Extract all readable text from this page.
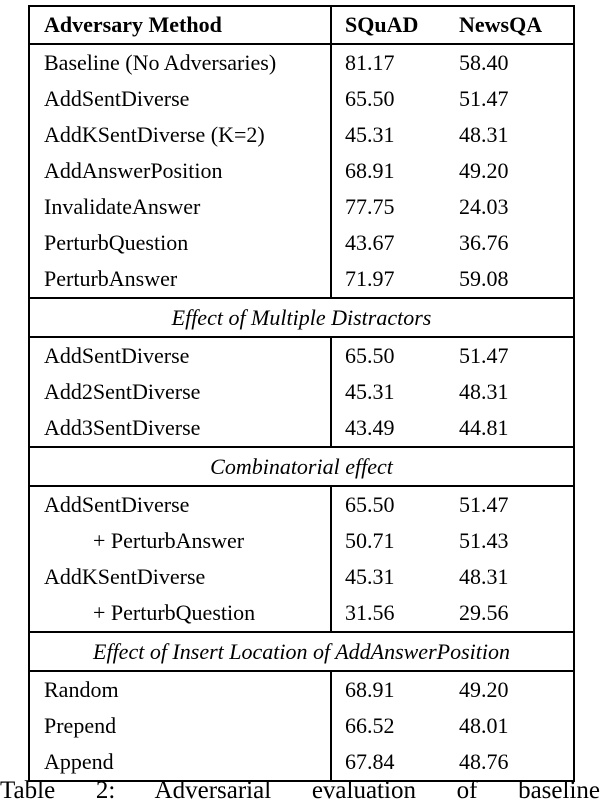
Adversary Method	SQuAD	NewsQA
Baseline (No Adversaries)	81.17	58.40
AddSentDiverse	65.50	51.47
AddKSentDiverse (K=2)	45.31	48.31
AddAnswerPosition	68.91	49.20
InvalidateAnswer	77.75	24.03
PerturbQuestion	43.67	36.76
PerturbAnswer	71.97	59.08
Effect of Multiple Distractors		
AddSentDiverse	65.50	51.47
Add2SentDiverse	45.31	48.31
Add3SentDiverse	43.49	44.81
Combinatorial effect		
AddSentDiverse	65.50	51.47
+ PerturbAnswer	50.71	51.43
AddKSentDiverse	45.31	48.31
+ PerturbQuestion	31.56	29.56
Effect of Insert Location of AddAnswerPosition		
Random	68.91	49.20
Prepend	66.52	48.01
Append	67.84	48.76
Table 2: Adversarial evaluation of baseline
